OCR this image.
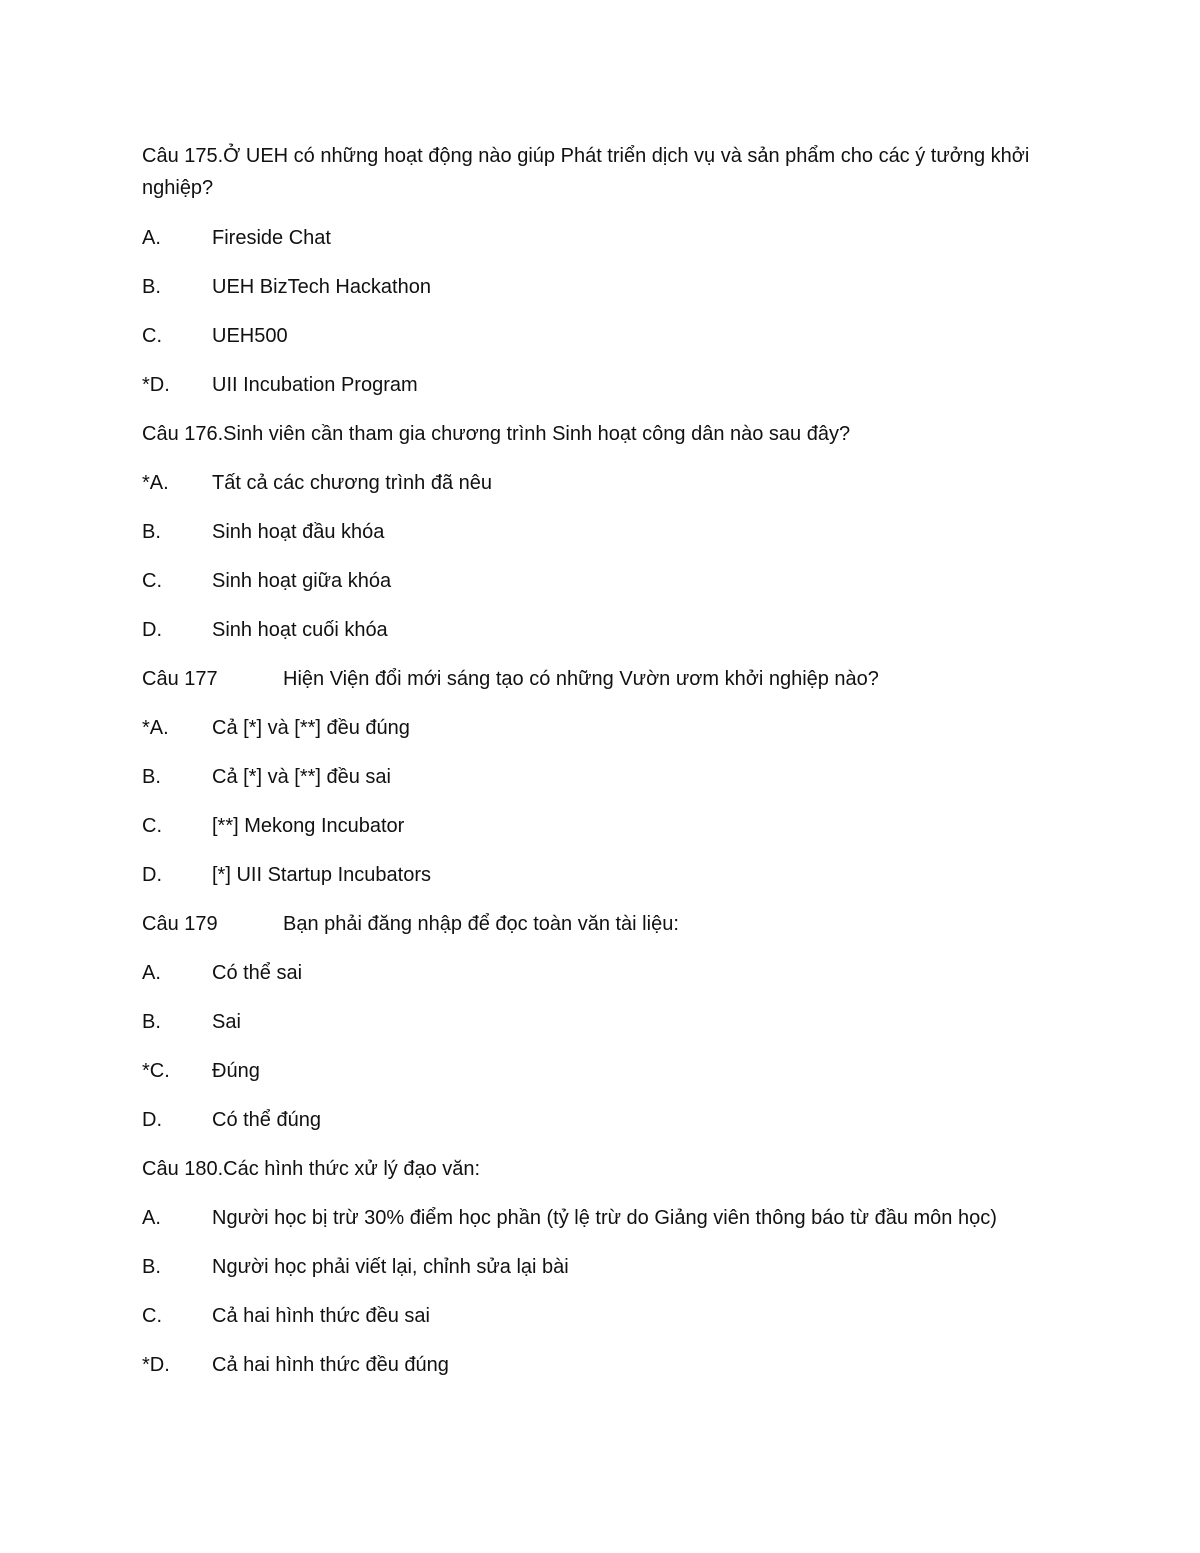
Câu 175.Ở UEH có những hoạt động nào giúp Phát triển dịch vụ và sản phẩm cho các ý tưởng khởi nghiệp?
A.	Fireside Chat
B.	UEH BizTech Hackathon
C.	UEH500
*D. UII Incubation Program
Câu 176.Sinh viên cần tham gia chương trình Sinh hoạt công dân nào sau đây?
*A. Tất cả các chương trình đã nêu
B.	Sinh hoạt đầu khóa
C.	Sinh hoạt giữa khóa
D.	Sinh hoạt cuối khóa
Câu 177	Hiện Viện đổi mới sáng tạo có những Vườn ươm khởi nghiệp nào?
*A. Cả [*] và [**] đều đúng
B.	Cả [*] và [**] đều sai
C.	[**] Mekong Incubator
D.	[*] UII Startup Incubators
Câu 179	Bạn phải đăng nhập để đọc toàn văn tài liệu:
A.	Có thể sai
B.	Sai
*C. Đúng
D.	Có thể đúng
Câu 180.Các hình thức xử lý đạo văn:
A.	Người học bị trừ 30% điểm học phần (tỷ lệ trừ do Giảng viên thông báo từ đầu môn học)
B.	Người học phải viết lại, chỉnh sửa lại bài
C.	Cả hai hình thức đều sai
*D. Cả hai hình thức đều đúng
